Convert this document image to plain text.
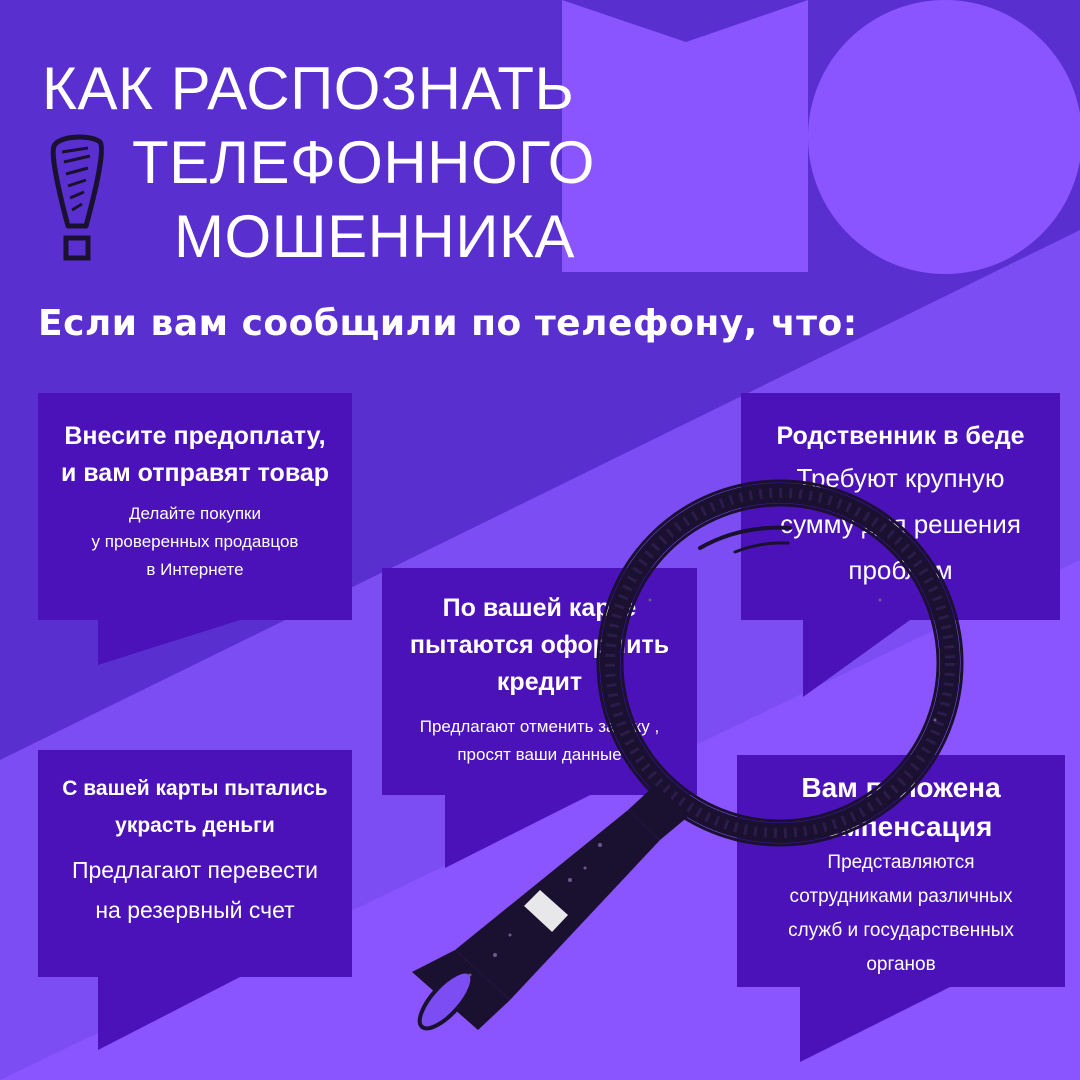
КАК РАСПОЗНАТЬ
ТЕЛЕФОННОГО
МОШЕННИКА
Если вам сообщили по телефону, что:
Внесите предоплату,
и вам отправят товар
Делайте покупки
у проверенных продавцов
в Интернете
Родственник в беде
Требуют крупную
сумму для решения
проблем
По вашей карте
пытаются оформить
кредит
Предлагают отменить заявку ,
просят ваши данные
С вашей карты пытались
украсть деньги
Предлагают перевести
на резервный счет
Вам положена
компенсация
Представляются
сотрудниками различных
служб и государственных
органов
